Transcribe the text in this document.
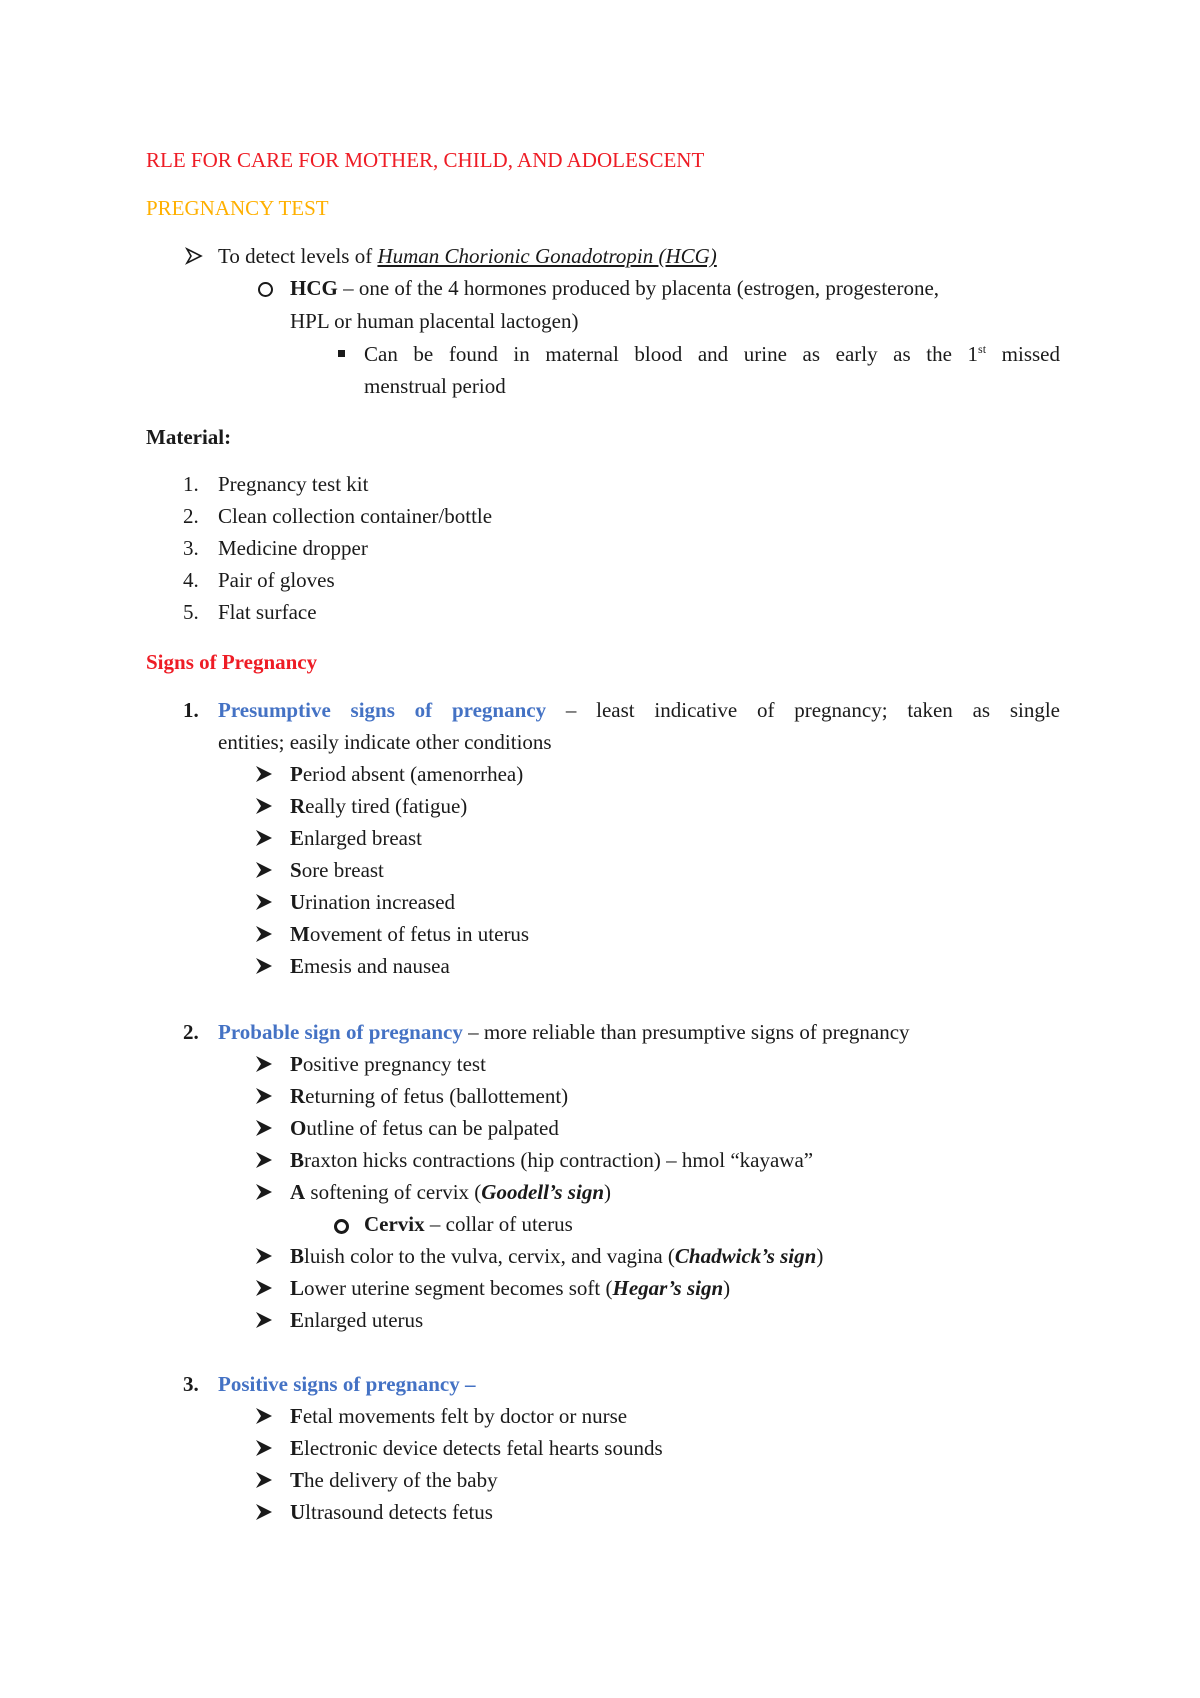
RLE FOR CARE FOR MOTHER, CHILD, AND ADOLESCENT
PREGNANCY TEST
To detect levels of Human Chorionic Gonadotropin (HCG)
HCG – one of the 4 hormones produced by placenta (estrogen, progesterone,
HPL or human placental lactogen)
Can be found in maternal blood and urine as early as the 1st missed
menstrual period
Material:
1. Pregnancy test kit
2. Clean collection container/bottle
3. Medicine dropper
4. Pair of gloves
5. Flat surface
Signs of Pregnancy
1. Presumptive signs of pregnancy – least indicative of pregnancy; taken as single
entities; easily indicate other conditions
2. Probable sign of pregnancy – more reliable than presumptive signs of pregnancy
A softening of cervix (Goodell’s sign)
Cervix – collar of uterus
Bluish color to the vulva, cervix, and vagina (Chadwick’s sign)
Lower uterine segment becomes soft (Hegar’s sign)
Enlarged uterus
3. Positive signs of pregnancy –
Period absent (amenorrhea)
Really tired (fatigue)
Enlarged breast
Sore breast
Urination increased
Movement of fetus in uterus
Emesis and nausea
Positive pregnancy test
Returning of fetus (ballottement)
Outline of fetus can be palpated
Braxton hicks contractions (hip contraction) – hmol “kayawa”
Fetal movements felt by doctor or nurse
Electronic device detects fetal hearts sounds
The delivery of the baby
Ultrasound detects fetus
